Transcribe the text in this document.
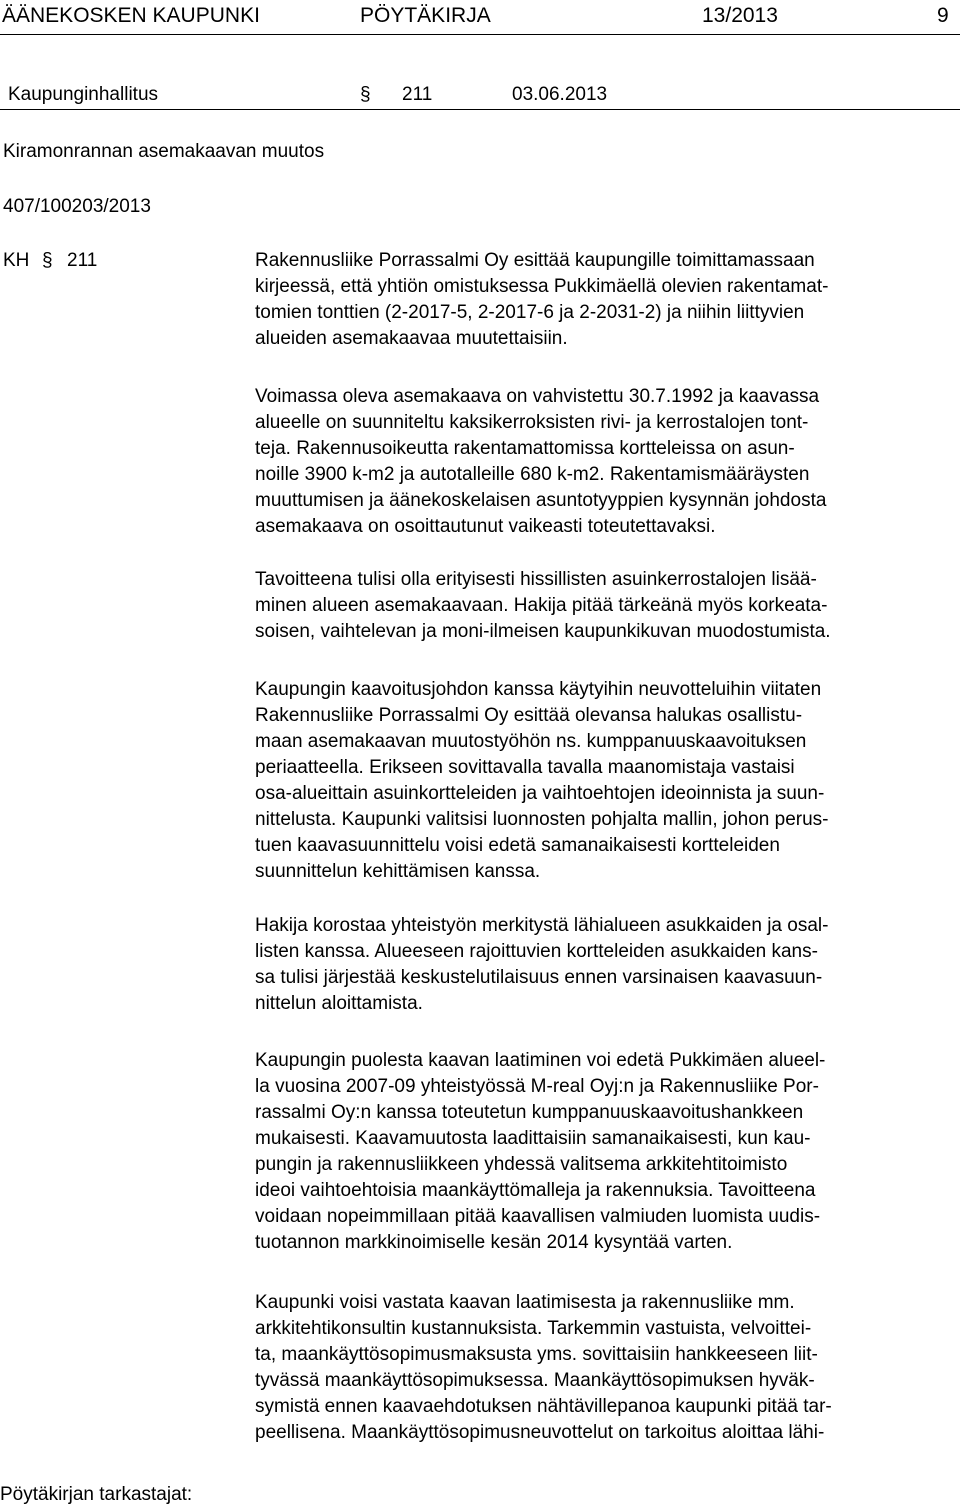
ÄÄNEKOSKEN KAUPUNKI	PÖYTÄKIRJA	13/2013	9
Kaupunginhallitus	§ 211	03.06.2013
Kiramonrannan asemakaavan muutos
407/100203/2013
KH § 211	Rakennusliike Porrassalmi Oy esittää kaupungille toimittamassaan
kirjeessä, että yhtiön omistuksessa Pukkimäellä olevien rakentamat-
tomien tonttien (2-2017-5, 2-2017-6 ja 2-2031-2) ja niihin liittyvien
alueiden asemakaavaa muutettaisiin.

Voimassa oleva asemakaava on vahvistettu 30.7.1992 ja kaavassa
alueelle on suunniteltu kaksikerroksisten rivi- ja kerrostalojen tont-
teja. Rakennusoikeutta rakentamattomissa kortteleissa on asun-
noille 3900 k-m2 ja autotalleille 680 k-m2. Rakentamismääräysten
muuttumisen ja äänekoskelaisen asuntotyyppien kysynnän johdosta
asemakaava on osoittautunut vaikeasti toteutettavaksi.

Tavoitteena tulisi olla erityisesti hissillisten asuinkerrostalojen lisää-
minen alueen asemakaavaan. Hakija pitää tärkeänä myös korkeata-
soisen, vaihtelevan ja moni-ilmeisen kaupunkikuvan muodostumista.

Kaupungin kaavoitusjohdon kanssa käytyihin neuvotteluihin viitaten
Rakennusliike Porrassalmi Oy esittää olevansa halukas osallistu-
maan asemakaavan muutostyöhön ns. kumppanuuskaavoituksen
periaatteella. Erikseen sovittavalla tavalla maanomistaja vastaisi
osa-alueittain asuinkortteleiden ja vaihtoehtojen ideoinnista ja suun-
nittelusta. Kaupunki valitsisi luonnosten pohjalta mallin, johon perus-
tuen kaavasuunnittelu voisi edetä samanaikaisesti kortteleiden
suunnittelun kehittämisen kanssa.

Hakija korostaa yhteistyön merkitystä lähialueen asukkaiden ja osal-
listen kanssa. Alueeseen rajoittuvien kortteleiden asukkaiden kans-
sa tulisi järjestää keskustelutilaisuus ennen varsinaisen kaavasuun-
nittelun aloittamista.

Kaupungin puolesta kaavan laatiminen voi edetä Pukkimäen alueel-
la vuosina 2007-09 yhteistyössä M-real Oyj:n ja Rakennusliike Por-
rassalmi Oy:n kanssa toteutetun kumppanuuskaavoitushankkeen
mukaisesti. Kaavamuutosta laadittaisiin samanaikaisesti, kun kau-
pungin ja rakennusliikkeen yhdessä valitsema arkkitehtitoimisto
ideoi vaihtoehtoisia maankäyttömalleja ja rakennuksia. Tavoitteena
voidaan nopeimmillaan pitää kaavallisen valmiuden luomista uudis-
tuotannon markkinoimiselle kesän 2014 kysyntää varten.

Kaupunki voisi vastata kaavan laatimisesta ja rakennusliike mm.
arkkitehtikonsultin kustannuksista. Tarkemmin vastuista, velvoittei-
ta, maankäyttösopimusmaksusta yms. sovittaisiin hankkeeseen liit-
tyvässä maankäyttösopimuksessa. Maankäyttösopimuksen hyväk-
symistä ennen kaavaehdotuksen nähtävillepanoa kaupunki pitää tar-
peellisena. Maankäyttösopimusneuvottelut on tarkoitus aloittaa lähi-

Pöytäkirjan tarkastajat:
